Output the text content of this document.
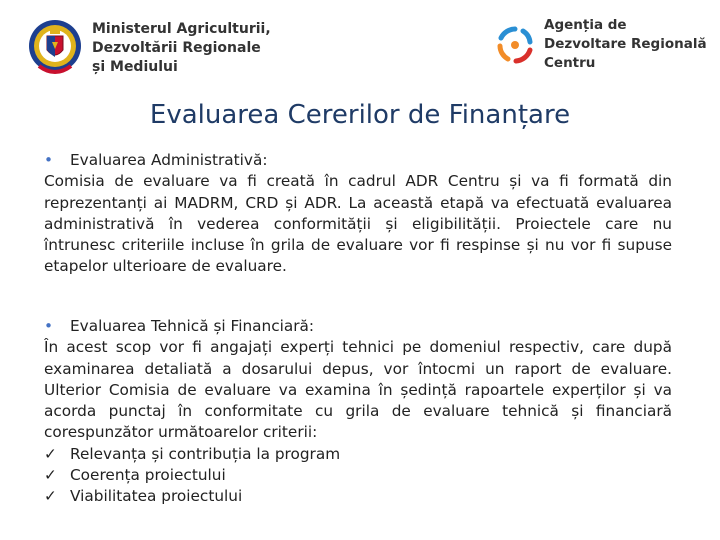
Ministerul Agriculturii,
Dezvoltării Regionale
și Mediului
Agenția de
Dezvoltare Regională
Centru
Evaluarea Cererilor de Finanțare
•	Evaluarea Administrativă:
Comisia de evaluare va fi creată în cadrul ADR Centru și va fi formată din reprezentanți ai MADRM, CRD și ADR. La această etapă va efectuată evaluarea administrativă în vederea conformității și eligibilității. Proiectele care nu întrunesc criteriile incluse în grila de evaluare vor fi respinse și nu vor fi supuse etapelor ulterioare de evaluare.
•	Evaluarea Tehnică și Financiară:
În acest scop vor fi angajați experți tehnici pe domeniul respectiv, care după examinarea detaliată a dosarului depus, vor întocmi un raport de evaluare. Ulterior Comisia de evaluare va examina în ședință rapoartele experților și va acorda punctaj în conformitate cu grila de evaluare tehnică și financiară corespunzător următoarelor criterii:
✓ Relevanța și contribuția la program
✓ Coerența proiectului
✓ Viabilitatea proiectului
